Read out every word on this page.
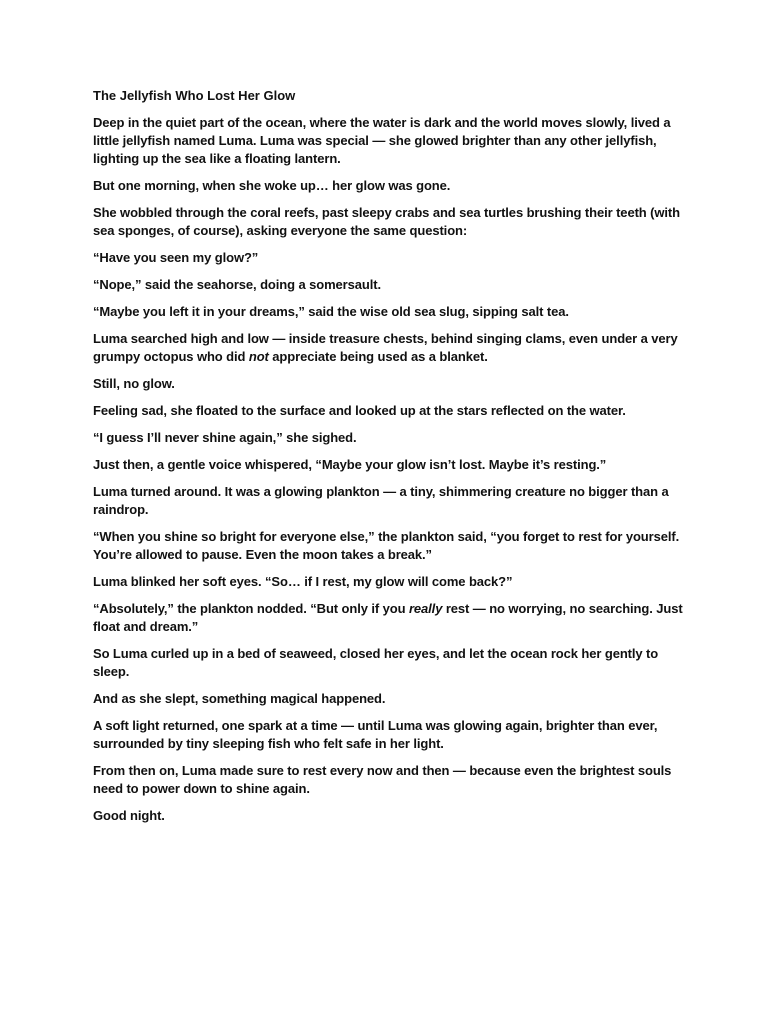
The Jellyfish Who Lost Her Glow

Deep in the quiet part of the ocean, where the water is dark and the world moves slowly, lived a little jellyfish named Luma. Luma was special — she glowed brighter than any other jellyfish, lighting up the sea like a floating lantern.

But one morning, when she woke up… her glow was gone.

She wobbled through the coral reefs, past sleepy crabs and sea turtles brushing their teeth (with sea sponges, of course), asking everyone the same question:

“Have you seen my glow?”

“Nope,” said the seahorse, doing a somersault.

“Maybe you left it in your dreams,” said the wise old sea slug, sipping salt tea.

Luma searched high and low — inside treasure chests, behind singing clams, even under a very grumpy octopus who did not appreciate being used as a blanket.

Still, no glow.

Feeling sad, she floated to the surface and looked up at the stars reflected on the water.

“I guess I’ll never shine again,” she sighed.

Just then, a gentle voice whispered, “Maybe your glow isn’t lost. Maybe it’s resting.”

Luma turned around. It was a glowing plankton — a tiny, shimmering creature no bigger than a raindrop.

“When you shine so bright for everyone else,” the plankton said, “you forget to rest for yourself. You’re allowed to pause. Even the moon takes a break.”

Luma blinked her soft eyes. “So… if I rest, my glow will come back?”

“Absolutely,” the plankton nodded. “But only if you really rest — no worrying, no searching. Just float and dream.”

So Luma curled up in a bed of seaweed, closed her eyes, and let the ocean rock her gently to sleep.

And as she slept, something magical happened.

A soft light returned, one spark at a time — until Luma was glowing again, brighter than ever, surrounded by tiny sleeping fish who felt safe in her light.

From then on, Luma made sure to rest every now and then — because even the brightest souls need to power down to shine again.

Good night.
